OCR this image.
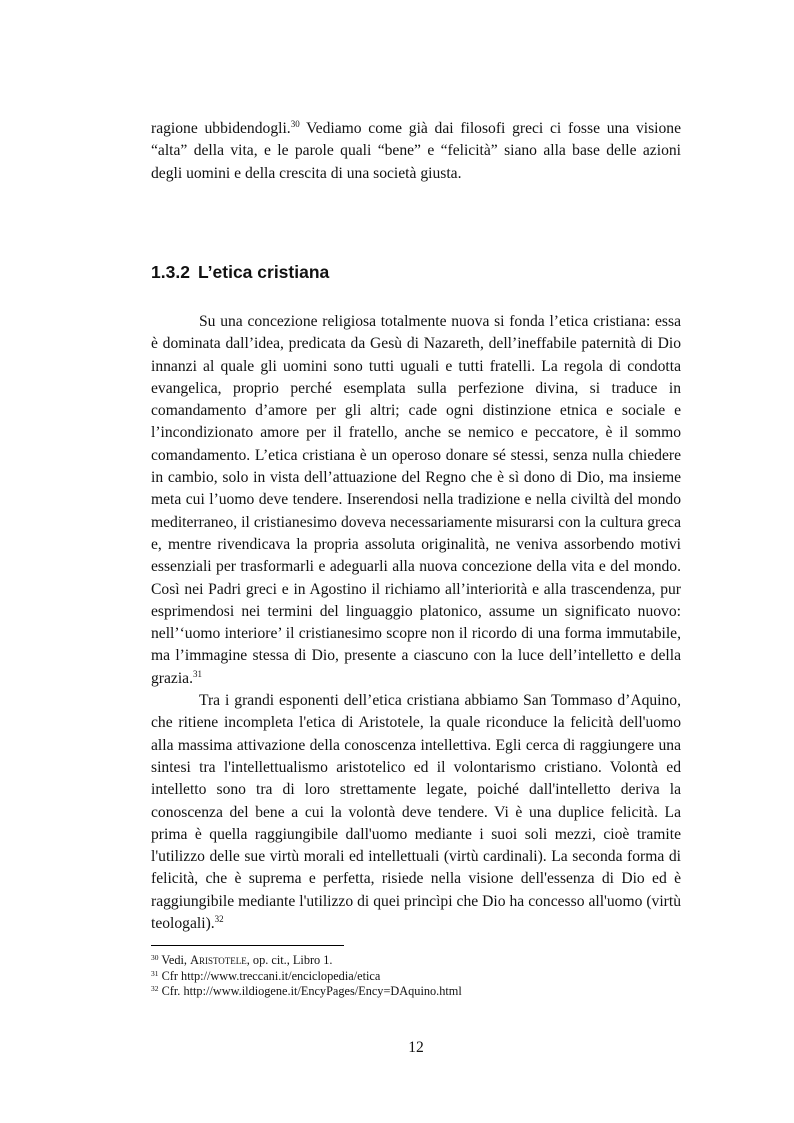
ragione ubbidendogli.$^{30}$ Vediamo come già dai filosofi greci ci fosse una visione “alta” della vita, e le parole quali “bene” e “felicità” siano alla base delle azioni degli uomini e della crescita di una società giusta.

1.3.2 L’etica cristiana

Su una concezione religiosa totalmente nuova si fonda l’etica cristiana: essa è dominata dall’idea, predicata da Gesù di Nazareth, dell’ineffabile paternità di Dio innanzi al quale gli uomini sono tutti uguali e tutti fratelli. La regola di condotta evangelica, proprio perché esemplata sulla perfezione divina, si traduce in comandamento d’amore per gli altri; cade ogni distinzione etnica e sociale e l’incondizionato amore per il fratello, anche se nemico e peccatore, è il sommo comandamento. L’etica cristiana è un operoso donare sé stessi, senza nulla chiedere in cambio, solo in vista dell’attuazione del Regno che è sì dono di Dio, ma insieme meta cui l’uomo deve tendere. Inserendosi nella tradizione e nella civiltà del mondo mediterraneo, il cristianesimo doveva necessariamente misurarsi con la cultura greca e, mentre rivendicava la propria assoluta originalità, ne veniva assorbendo motivi essenziali per trasformarli e adeguarli alla nuova concezione della vita e del mondo. Così nei Padri greci e in Agostino il richiamo all’interiorità e alla trascendenza, pur esprimendosi nei termini del linguaggio platonico, assume un significato nuovo: nell’‘uomo interiore’ il cristianesimo scopre non il ricordo di una forma immutabile, ma l’immagine stessa di Dio, presente a ciascuno con la luce dell’intelletto e della grazia.$^{31}$

Tra i grandi esponenti dell’etica cristiana abbiamo San Tommaso d’Aquino, che ritiene incompleta l'etica di Aristotele, la quale riconduce la felicità dell'uomo alla massima attivazione della conoscenza intellettiva. Egli cerca di raggiungere una sintesi tra l'intellettualismo aristotelico ed il volontarismo cristiano. Volontà ed intelletto sono tra di loro strettamente legate, poiché dall'intelletto deriva la conoscenza del bene a cui la volontà deve tendere. Vi è una duplice felicità. La prima è quella raggiungibile dall'uomo mediante i suoi soli mezzi, cioè tramite l'utilizzo delle sue virtù morali ed intellettuali (virtù cardinali). La seconda forma di felicità, che è suprema e perfetta, risiede nella visione dell'essenza di Dio ed è raggiungibile mediante l'utilizzo di quei princìpi che Dio ha concesso all'uomo (virtù teologali).$^{32}$

$^{30}$ Vedi, Aristotele, op. cit., Libro 1.
$^{31}$ Cfr http://www.treccani.it/enciclopedia/etica
$^{32}$ Cfr. http://www.ildiogene.it/EncyPages/Ency=DAquino.html
12
